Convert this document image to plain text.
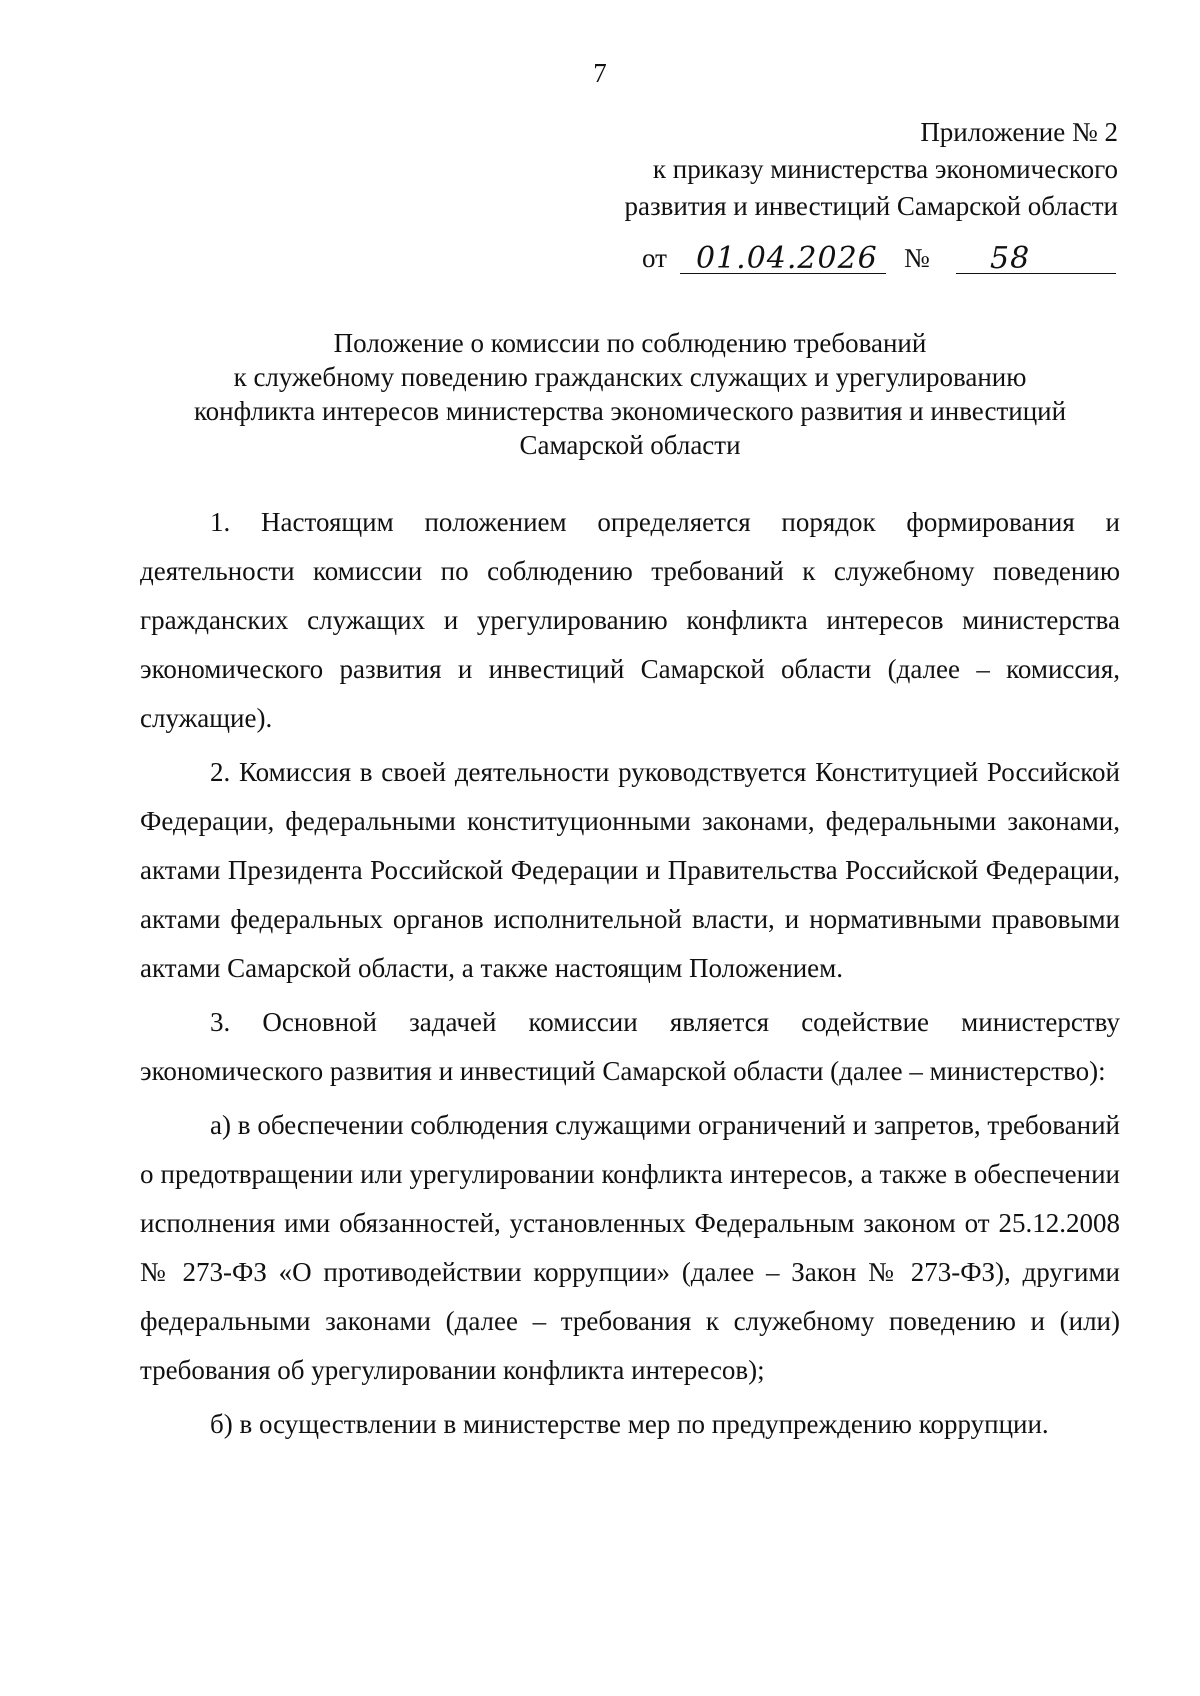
7
Приложение № 2
к приказу министерства экономического
развития и инвестиций Самарской области
от 01.04.2026 № 58
Положение о комиссии по соблюдению требований
к служебному поведению гражданских служащих и урегулированию
конфликта интересов министерства экономического развития и инвестиций
Самарской области

1. Настоящим положением определяется порядок формирования и деятельности комиссии по соблюдению требований к служебному поведению гражданских служащих и урегулированию конфликта интересов министерства экономического развития и инвестиций Самарской области (далее – комиссия, служащие).

2. Комиссия в своей деятельности руководствуется Конституцией Российской Федерации, федеральными конституционными законами, федеральными законами, актами Президента Российской Федерации и Правительства Российской Федерации, актами федеральных органов исполнительной власти, и нормативными правовыми актами Самарской области, а также настоящим Положением.

3. Основной задачей комиссии является содействие министерству экономического развития и инвестиций Самарской области (далее – министерство):

а) в обеспечении соблюдения служащими ограничений и запретов, требований о предотвращении или урегулировании конфликта интересов, а также в обеспечении исполнения ими обязанностей, установленных Федеральным законом от 25.12.2008 № 273-ФЗ «О противодействии коррупции» (далее – Закон № 273-ФЗ), другими федеральными законами (далее – требования к служебному поведению и (или) требования об урегулировании конфликта интересов);

б) в осуществлении в министерстве мер по предупреждению коррупции.
